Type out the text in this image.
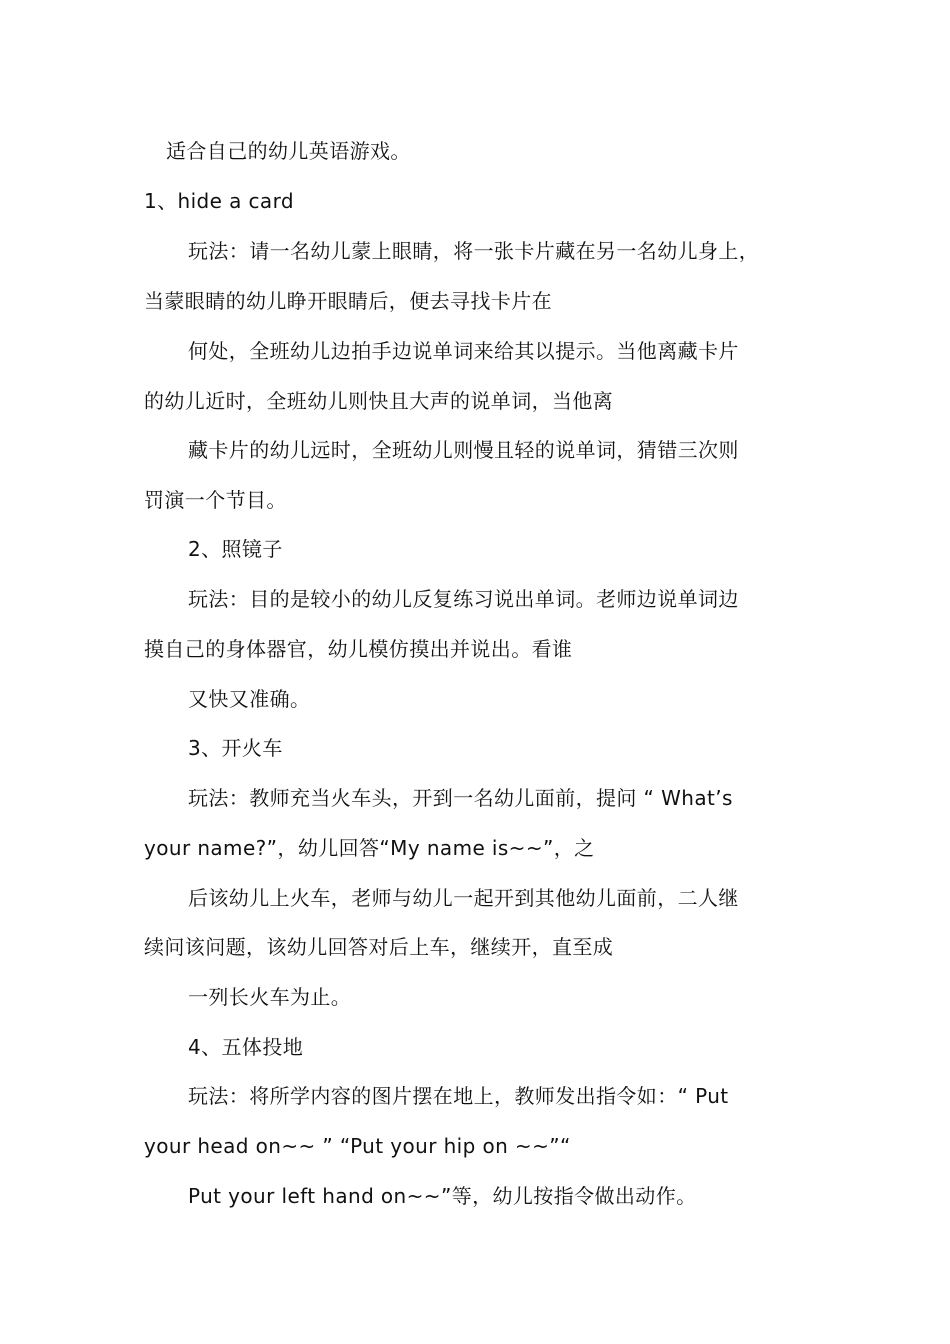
适合自己的幼儿英语游戏。
1、hide a card
玩法：请一名幼儿蒙上眼睛，将一张卡片藏在另一名幼儿身上，
当蒙眼睛的幼儿睁开眼睛后，便去寻找卡片在
何处，全班幼儿边拍手边说单词来给其以提示。当他离藏卡片
的幼儿近时，全班幼儿则快且大声的说单词，当他离
藏卡片的幼儿远时，全班幼儿则慢且轻的说单词，猜错三次则
罚演一个节目。
2、照镜子
玩法：目的是较小的幼儿反复练习说出单词。老师边说单词边
摸自己的身体器官，幼儿模仿摸出并说出。看谁
又快又准确。
3、开火车
玩法：教师充当火车头，开到一名幼儿面前，提问 “ What’s
your name?”，幼儿回答“My name is~~”，之
后该幼儿上火车，老师与幼儿一起开到其他幼儿面前，二人继
续问该问题，该幼儿回答对后上车，继续开，直至成
一列长火车为止。
4、五体投地
玩法：将所学内容的图片摆在地上，教师发出指令如：“ Put
your head on~~ ” “Put your hip on ~~”“
Put your left hand on~~”等，幼儿按指令做出动作。
